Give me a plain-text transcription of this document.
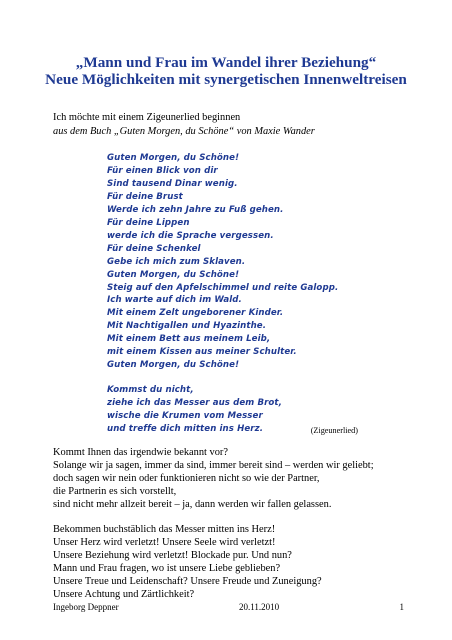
„Mann und Frau im Wandel ihrer Beziehung“
Neue Möglichkeiten mit synergetischen Innenweltreisen
Ich möchte mit einem Zigeunerlied beginnen
aus dem Buch „Guten Morgen, du Schöne“ von Maxie Wander
Guten Morgen, du Schöne!
Für einen Blick von dir
Sind tausend Dinar wenig.
Für deine Brust
Werde ich zehn Jahre zu Fuß gehen.
Für deine Lippen
werde ich die Sprache vergessen.
Für deine Schenkel
Gebe ich mich zum Sklaven.
Guten Morgen, du Schöne!
Steig auf den Apfelschimmel und reite Galopp.
Ich warte auf dich im Wald.
Mit einem Zelt ungeborener Kinder.
Mit Nachtigallen und Hyazinthe.
Mit einem Bett aus meinem Leib,
mit einem Kissen aus meiner Schulter.
Guten Morgen, du Schöne!
Kommst du nicht,
ziehe ich das Messer aus dem Brot,
wische die Krumen vom Messer
und treffe dich mitten ins Herz.	(Zigeunerlied)
Kommt Ihnen das irgendwie bekannt vor?
Solange wir ja sagen, immer da sind, immer bereit sind – werden wir geliebt;
doch sagen wir nein oder funktionieren nicht so wie der Partner,
die Partnerin es sich vorstellt,
sind nicht mehr allzeit bereit – ja, dann werden wir fallen gelassen.
Bekommen buchstäblich das Messer mitten ins Herz!
Unser Herz wird verletzt! Unsere Seele wird verletzt!
Unsere Beziehung wird verletzt! Blockade pur. Und nun?
Mann und Frau fragen, wo ist unsere Liebe geblieben?
Unsere Treue und Leidenschaft? Unsere Freude und Zuneigung?
Unsere Achtung und Zärtlichkeit?
Ingeborg Deppner	20.11.2010	1
